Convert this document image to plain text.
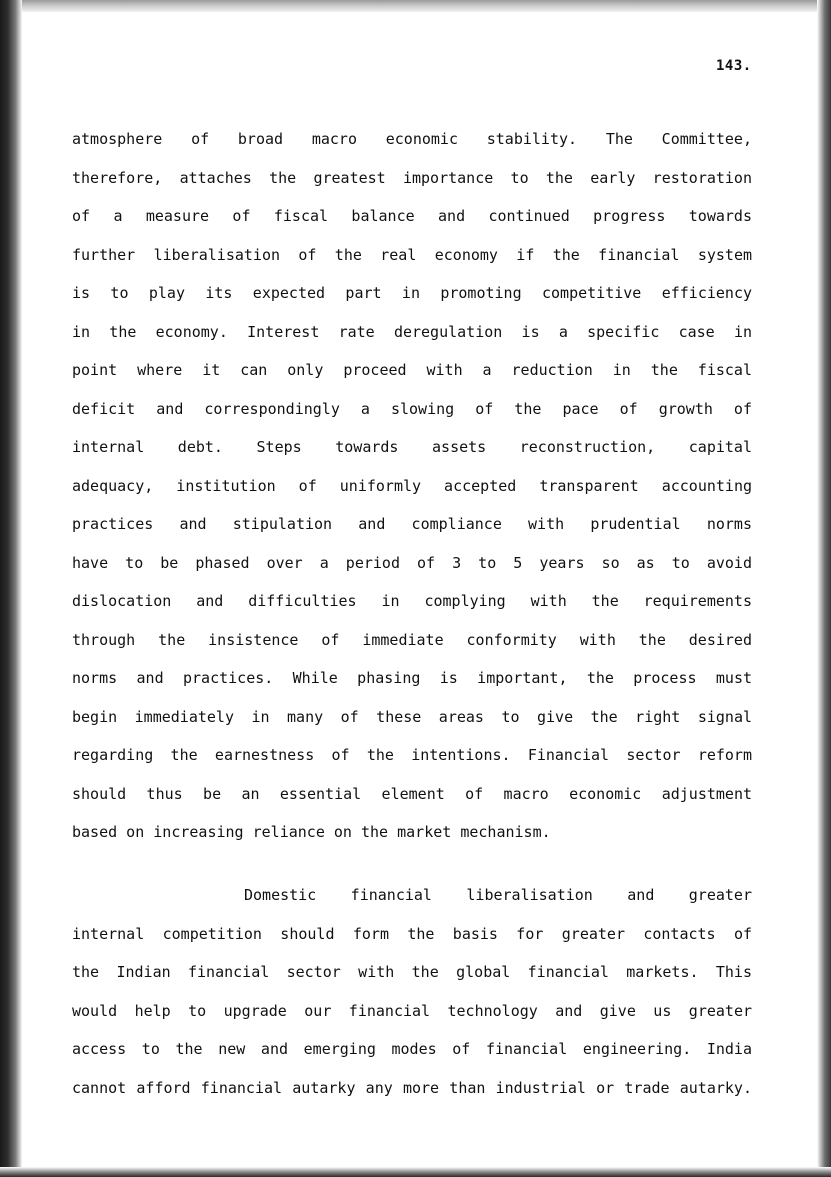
143.
atmosphere of broad macro economic stability. The Committee,
therefore, attaches the greatest importance to the early restoration
of a measure of fiscal balance and continued progress towards
further liberalisation of the real economy if the financial system
is to play its expected part in promoting competitive efficiency
in the economy. Interest rate deregulation is a specific case in
point where it can only proceed with a reduction in the fiscal
deficit and correspondingly a slowing of the pace of growth of
internal debt. Steps towards assets reconstruction, capital
adequacy, institution of uniformly accepted transparent accounting
practices and stipulation and compliance with prudential norms
have to be phased over a period of 3 to 5 years so as to avoid
dislocation and difficulties in complying with the requirements
through the insistence of immediate conformity with the desired
norms and practices. While phasing is important, the process must
begin immediately in many of these areas to give the right signal
regarding the earnestness of the intentions. Financial sector reform
should thus be an essential element of macro economic adjustment
based on increasing reliance on the market mechanism.
Domestic financial liberalisation and greater
internal competition should form the basis for greater contacts of
the Indian financial sector with the global financial markets. This
would help to upgrade our financial technology and give us greater
access to the new and emerging modes of financial engineering. India
cannot afford financial autarky any more than industrial or trade autarky.
